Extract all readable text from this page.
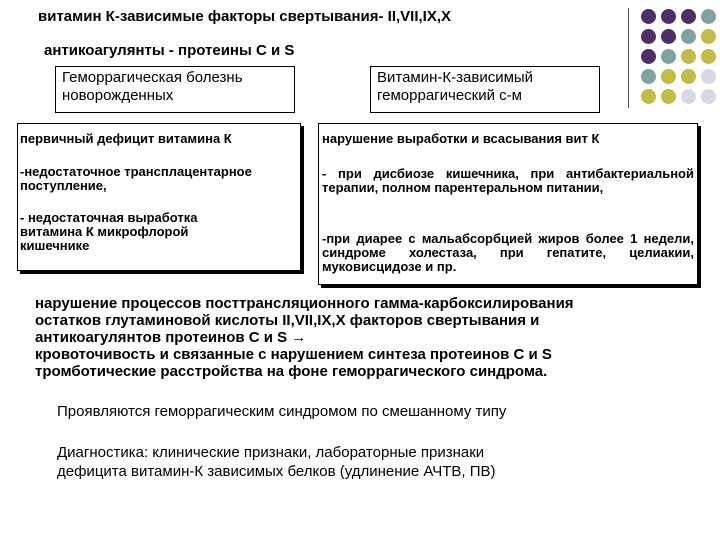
витамин К-зависимые факторы свертывания- II,VII,IX,X
антикоагулянты - протеины С и S
Геморрагическая болезнь новорожденных
Витамин-К-зависимый геморрагический с-м
первичный дефицит витамина К
-недостаточное трансплацентарное поступление,
- недостаточная выработка витамина К микрофлорой кишечнике
нарушение выработки и всасывания вит К
- при дисбиозе кишечника, при антибактериальной терапии, полном парентеральном питании,
-при диарее с мальабсорбцией жиров более 1 недели, синдроме холестаза, при гепатите, целиакии, муковисцидозе и пр.
нарушение процессов посттрансляционного гамма-карбоксилирования
остатков глутаминовой кислоты II,VII,IX,X факторов свертывания и
антикоагулянтов протеинов С и S →
кровоточивость и связанные с нарушением синтеза протеинов С и S
тромботические расстройства на фоне геморрагического синдрома.
Проявляются геморрагическим синдромом по смешанному типу
Диагностика: клинические признаки, лабораторные признаки
дефицита витамин-К зависимых белков (удлинение АЧТВ, ПВ)
